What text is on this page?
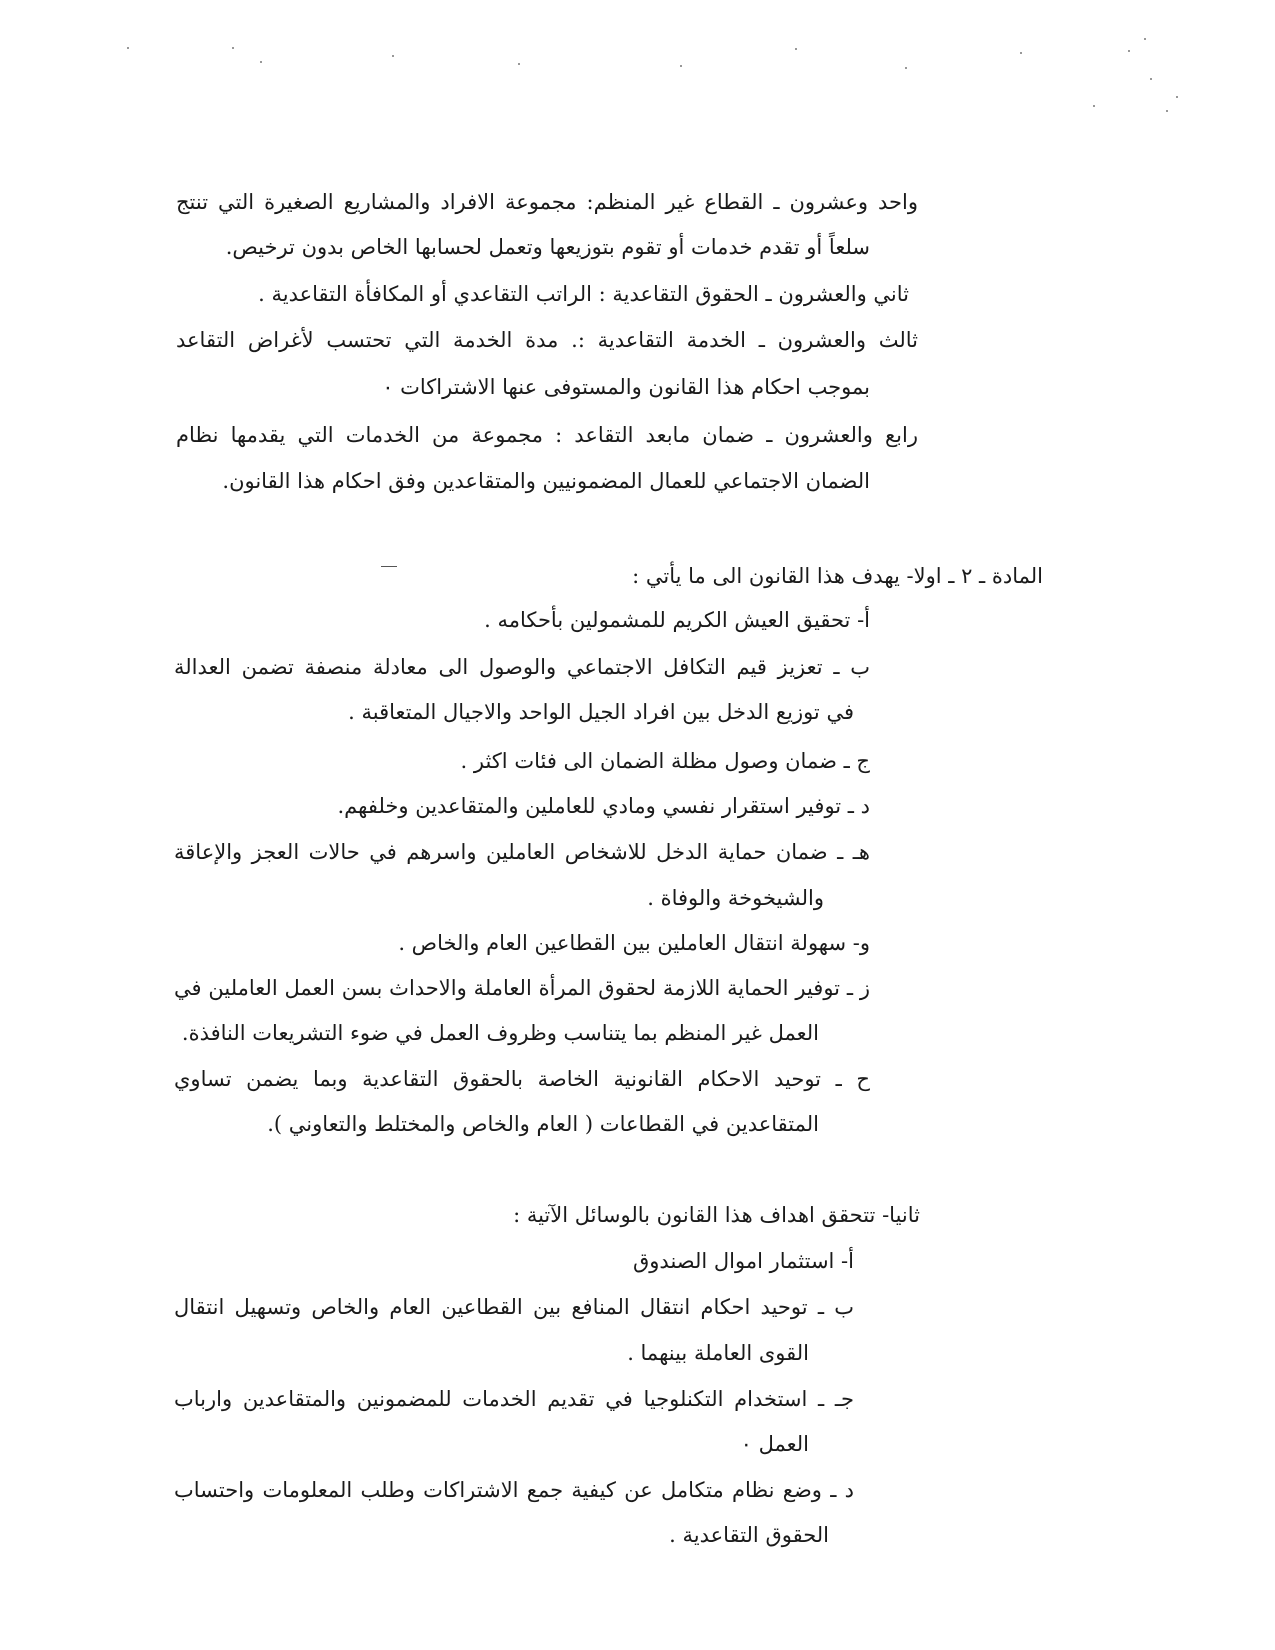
واحد وعشرون ـ القطاع غير المنظم: مجموعة الافراد والمشاريع الصغيرة التي تنتج
سلعاً أو تقدم خدمات أو تقوم بتوزيعها وتعمل لحسابها الخاص بدون ترخيص.
ثاني والعشرون ـ الحقوق التقاعدية : الراتب التقاعدي أو المكافأة التقاعدية .
ثالث والعشرون ـ الخدمة التقاعدية :. مدة الخدمة التي تحتسب لأغراض التقاعد
بموجب احكام هذا القانون والمستوفى عنها الاشتراكات ٠
رابع والعشرون ـ ضمان مابعد التقاعد : مجموعة من الخدمات التي يقدمها نظام
الضمان الاجتماعي للعمال المضمونيين والمتقاعدين وفق احكام هذا القانون.
المادة ـ ٢ ـ اولا- يهدف هذا القانون الى ما يأتي :
أ- تحقيق العيش الكريم للمشمولين بأحكامه .
ب ـ تعزيز قيم التكافل الاجتماعي والوصول الى معادلة منصفة تضمن العدالة
في توزيع الدخل بين افراد الجيل الواحد والاجيال المتعاقبة .
ج ـ ضمان وصول مظلة الضمان الى فئات اكثر .
د ـ توفير استقرار نفسي ومادي للعاملين والمتقاعدين وخلفهم.
هـ ـ ضمان حماية الدخل للاشخاص العاملين واسرهم في حالات العجز والإعاقة
والشيخوخة والوفاة .
و- سهولة انتقال العاملين بين القطاعين العام والخاص .
ز ـ توفير الحماية اللازمة لحقوق المرأة العاملة والاحداث بسن العمل العاملين في
العمل غير المنظم بما يتناسب وظروف العمل في ضوء التشريعات النافذة.
ح ـ توحيد الاحكام القانونية الخاصة بالحقوق التقاعدية وبما يضمن تساوي
المتقاعدين في القطاعات ( العام والخاص والمختلط والتعاوني ).
ثانيا- تتحقق اهداف هذا القانون بالوسائل الآتية :
أ- استثمار اموال الصندوق
ب ـ توحيد احكام انتقال المنافع بين القطاعين العام والخاص وتسهيل انتقال
القوى العاملة بينهما .
جـ ـ استخدام التكنلوجيا في تقديم الخدمات للمضمونين والمتقاعدين وارباب
العمل ٠
د ـ وضع نظام متكامل عن كيفية جمع الاشتراكات وطلب المعلومات واحتساب
الحقوق التقاعدية .
